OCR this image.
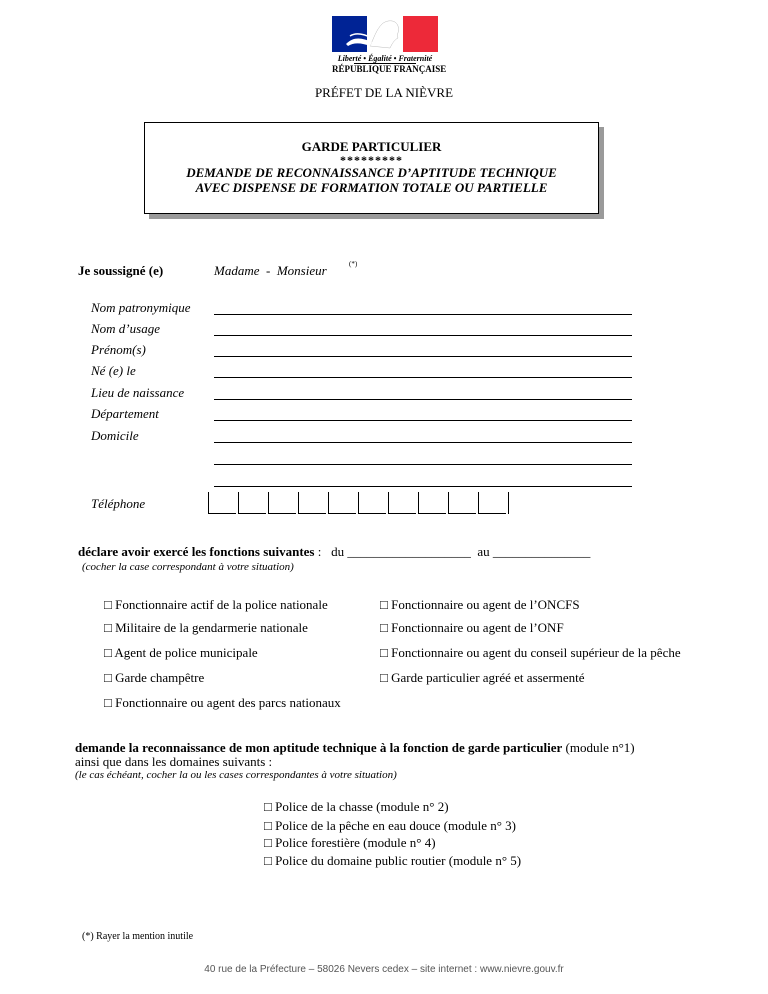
Liberté • Égalité • Fraternité
RÉPUBLIQUE FRANÇAISE
PRÉFET DE LA NIÈVRE
GARDE PARTICULIER
*********
DEMANDE DE RECONNAISSANCE D’APTITUDE TECHNIQUE
AVEC DISPENSE DE FORMATION TOTALE OU PARTIELLE
Je soussigné (e)	Madame  -  Monsieur	(*)
Nom patronymique
Nom d’usage
Prénom(s)
Né (e) le
Lieu de naissance
Département
Domicile
Téléphone
déclare avoir exercé les fonctions suivantes :   du ___________________ au _______________
(cocher la case correspondant à votre situation)
□ Fonctionnaire actif de la police nationale
□ Militaire de la gendarmerie nationale
□ Agent de police municipale
□ Garde champêtre
□ Fonctionnaire ou agent des parcs nationaux
□ Fonctionnaire ou agent de l’ONCFS
□ Fonctionnaire ou agent de l’ONF
□ Fonctionnaire ou agent du conseil supérieur de la pêche
□ Garde particulier agréé et assermenté
demande la reconnaissance de mon aptitude technique à la fonction de garde particulier (module n°1)
ainsi que dans les domaines suivants :
(le cas échéant, cocher la ou les cases correspondantes à votre situation)
□ Police de la chasse (module n° 2)
□ Police de la pêche en eau douce (module n° 3)
□ Police forestière (module n° 4)
□ Police du domaine public routier (module n° 5)
(*) Rayer la mention inutile
40 rue de la Préfecture – 58026 Nevers cedex – site internet : www.nievre.gouv.fr
